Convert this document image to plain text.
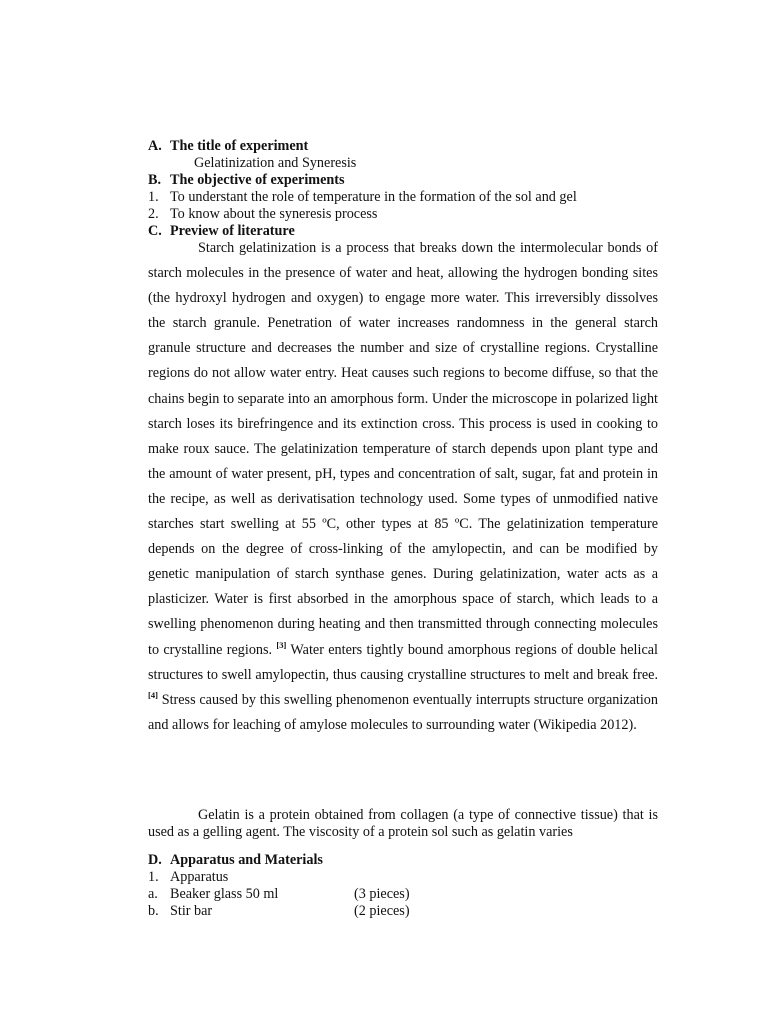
A. The title of experiment
Gelatinization and Syneresis
B. The objective of experiments
1. To understant the role of temperature in the formation of the sol and gel
2. To know about the syneresis process
C. Preview of literature

Starch gelatinization is a process that breaks down the intermolecular bonds of starch molecules in the presence of water and heat, allowing the hydrogen bonding sites (the hydroxyl hydrogen and oxygen) to engage more water. This irreversibly dissolves the starch granule. Penetration of water increases randomness in the general starch granule structure and decreases the number and size of crystalline regions. Crystalline regions do not allow water entry. Heat causes such regions to become diffuse, so that the chains begin to separate into an amorphous form. Under the microscope in polarized light starch loses its birefringence and its extinction cross. This process is used in cooking to make roux sauce. The gelatinization temperature of starch depends upon plant type and the amount of water present, pH, types and concentration of salt, sugar, fat and protein in the recipe, as well as derivatisation technology used. Some types of unmodified native starches start swelling at 55 ºC, other types at 85 ºC. The gelatinization temperature depends on the degree of cross-linking of the amylopectin, and can be modified by genetic manipulation of starch synthase genes. During gelatinization, water acts as a plasticizer. Water is first absorbed in the amorphous space of starch, which leads to a swelling phenomenon during heating and then transmitted through connecting molecules to crystalline regions. [3] Water enters tightly bound amorphous regions of double helical structures to swell amylopectin, thus causing crystalline structures to melt and break free.[4] Stress caused by this swelling phenomenon eventually interrupts structure organization and allows for leaching of amylose molecules to surrounding water (Wikipedia 2012).

Gelatin is a protein obtained from collagen (a type of connective tissue) that is used as a gelling agent. The viscosity of a protein sol such as gelatin varies

D. Apparatus and Materials
1. Apparatus
a. Beaker glass 50 ml	(3 pieces)
b. Stir bar	(2 pieces)
